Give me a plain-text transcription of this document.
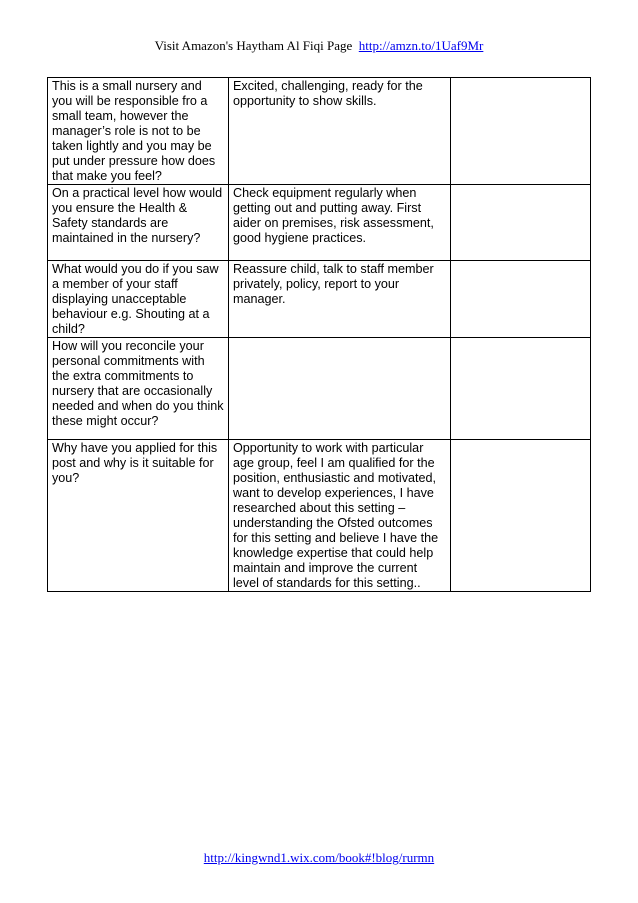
Visit Amazon's Haytham Al Fiqi Page http://amzn.to/1Uaf9Mr
This is a small nursery and you will be responsible fro a small team, however the manager’s role is not to be taken lightly and you may be put under pressure how does that make you feel?	Excited, challenging, ready for the opportunity to show skills.	
On a practical level how would you ensure the Health & Safety standards are maintained in the nursery?	Check equipment regularly when getting out and putting away. First aider on premises, risk assessment, good hygiene practices.	
What would you do if you saw a member of your staff displaying unacceptable behaviour e.g. Shouting at a child?	Reassure child, talk to staff member privately, policy, report to your manager.	
How will you reconcile your personal commitments with the extra commitments to nursery that are occasionally needed and when do you think these might occur?		
Why have you applied for this post and why is it suitable for you?	Opportunity to work with particular age group, feel I am qualified for the position, enthusiastic and motivated, want to develop experiences, I have researched about this setting – understanding the Ofsted outcomes for this setting and believe I have the knowledge expertise that could help maintain and improve the current level of standards for this setting..	
http://kingwnd1.wix.com/book#!blog/rurmn
